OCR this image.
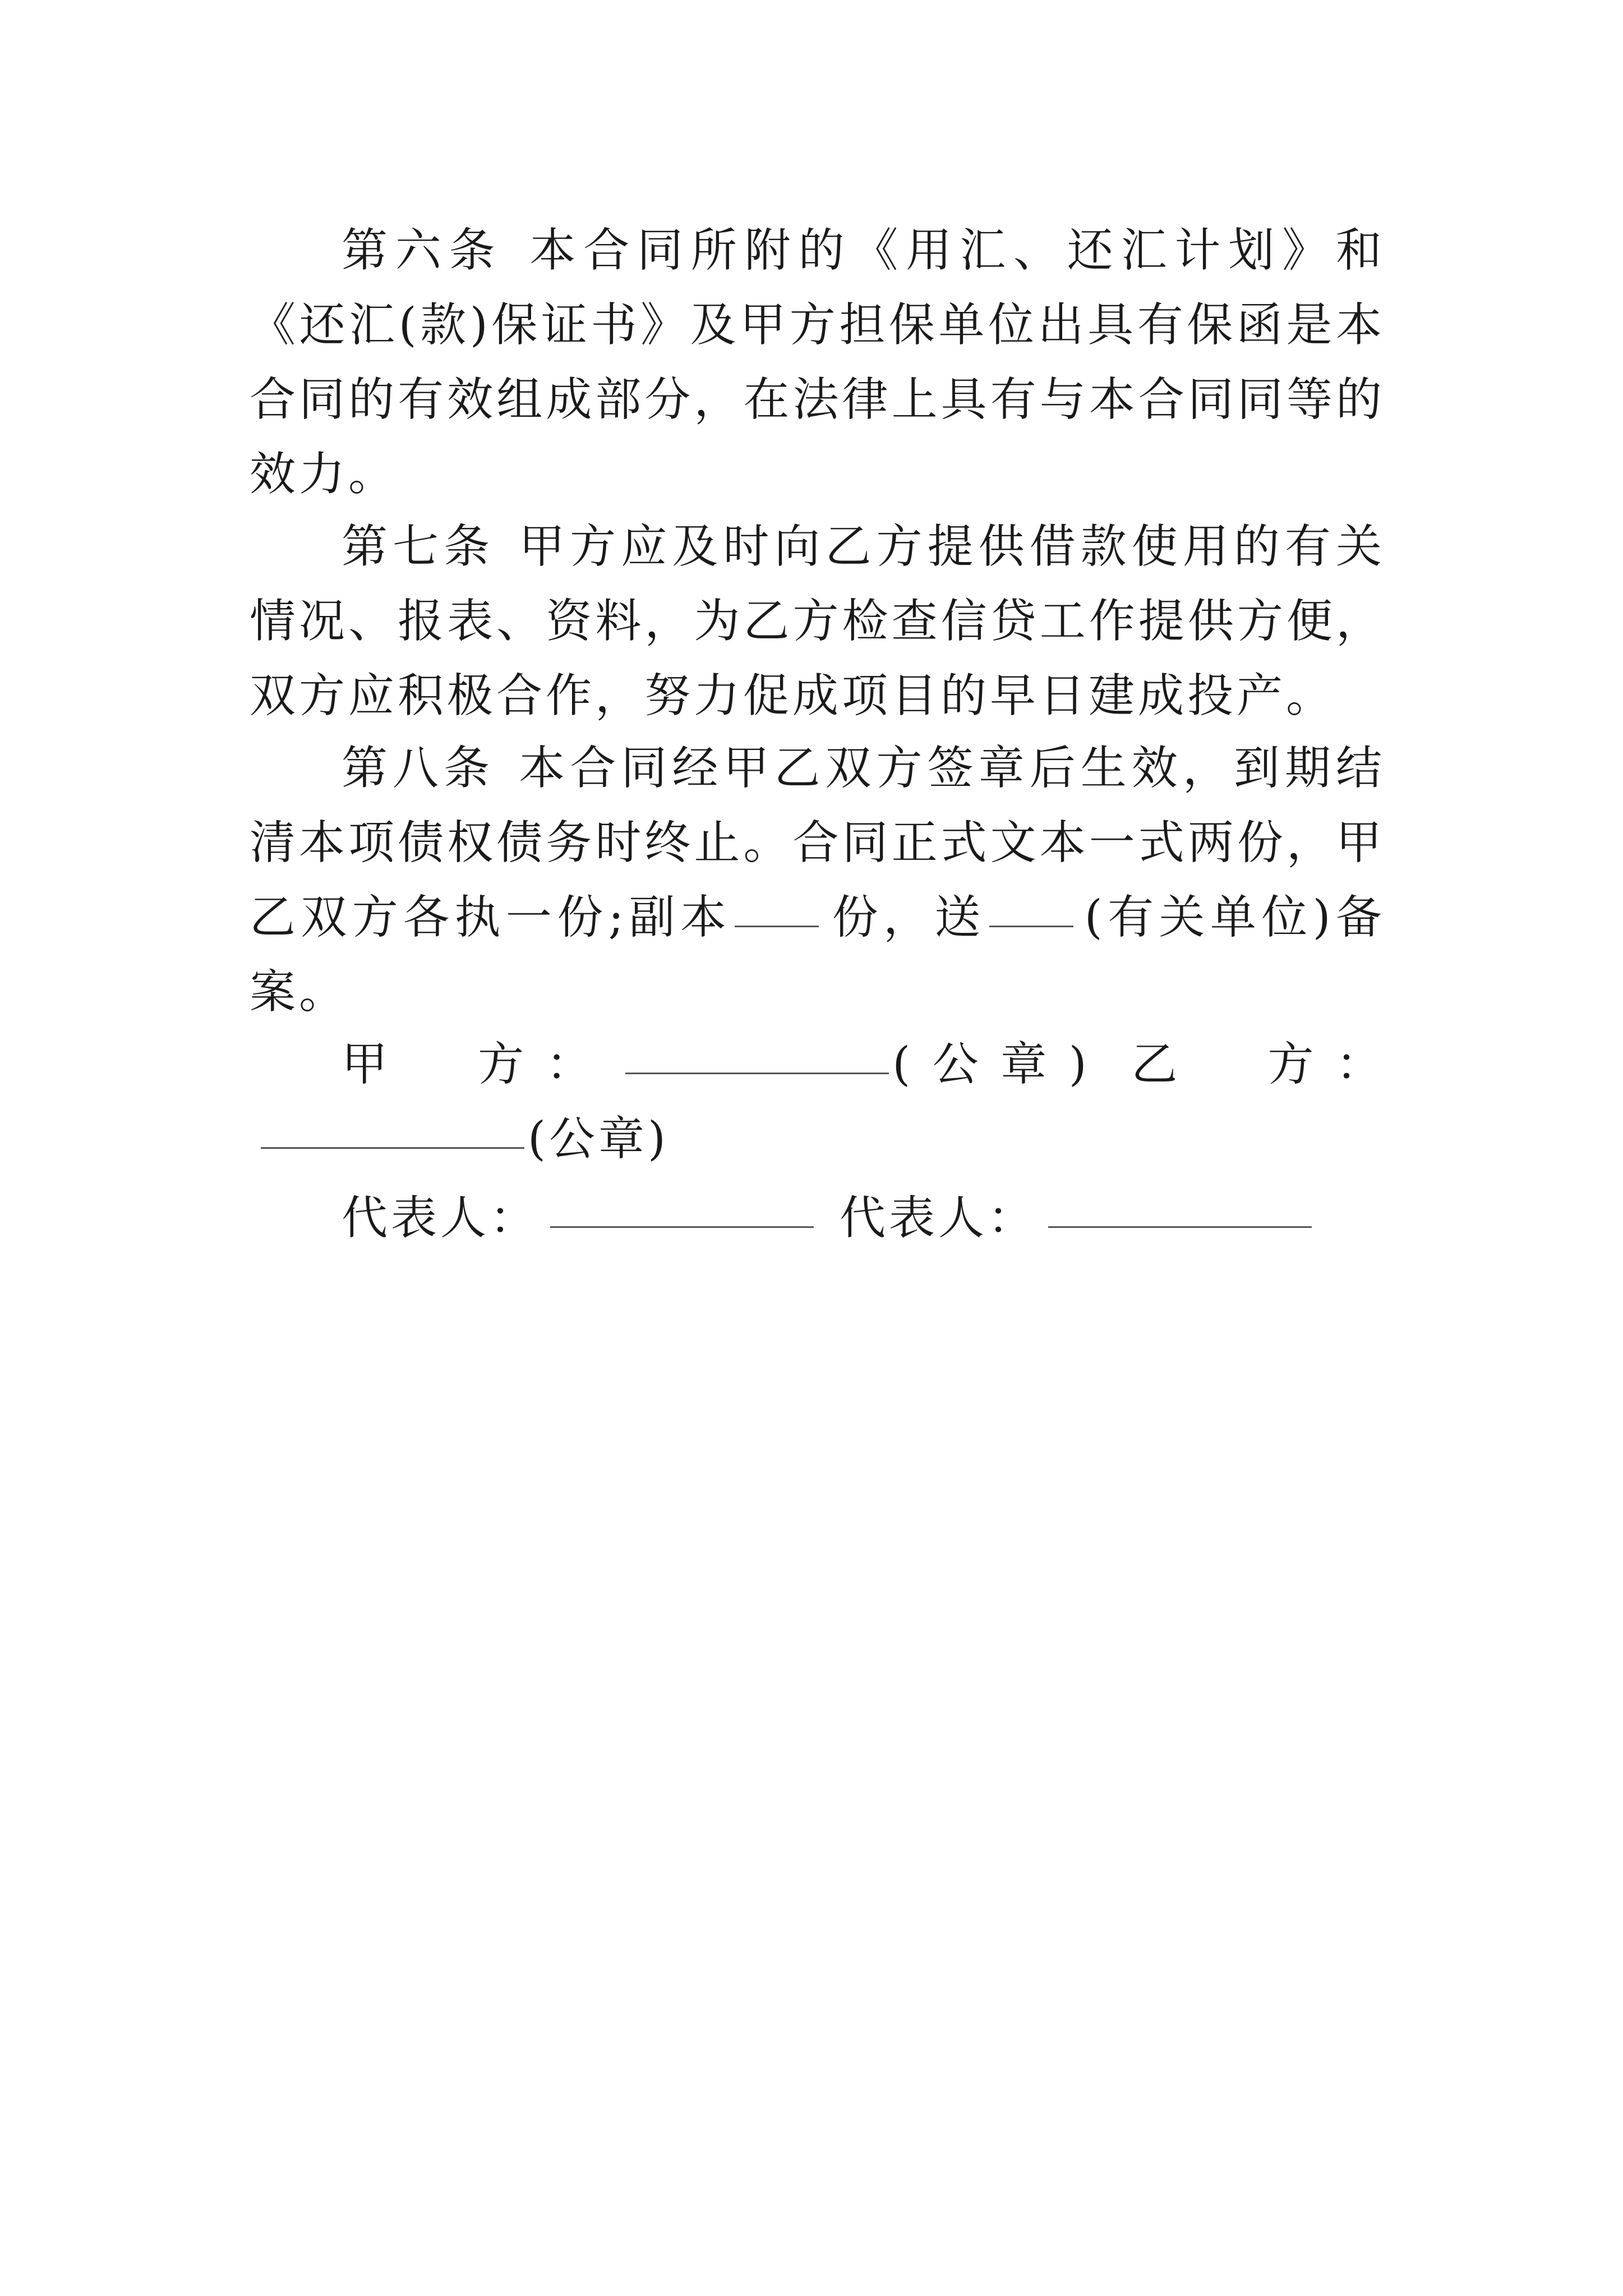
第六条 本合同所附的《用汇、还汇计划》和《还汇(款)保证书》及甲方担保单位出具有保函是本合同的有效组成部分，在法律上具有与本合同同等的效力。

第七条 甲方应及时向乙方提供借款使用的有关情况、报表、资料，为乙方检查信贷工作提供方便，双方应积极合作，努力促成项目的早日建成投产。

第八条 本合同经甲乙双方签章后生效，到期结清本项债权债务时终止。合同正式文本一式两份，甲乙双方各执一份;副本 份，送 (有关单位)备案。

甲　方：	(公章) 乙　方：(公章)

代表人：	代表人：
